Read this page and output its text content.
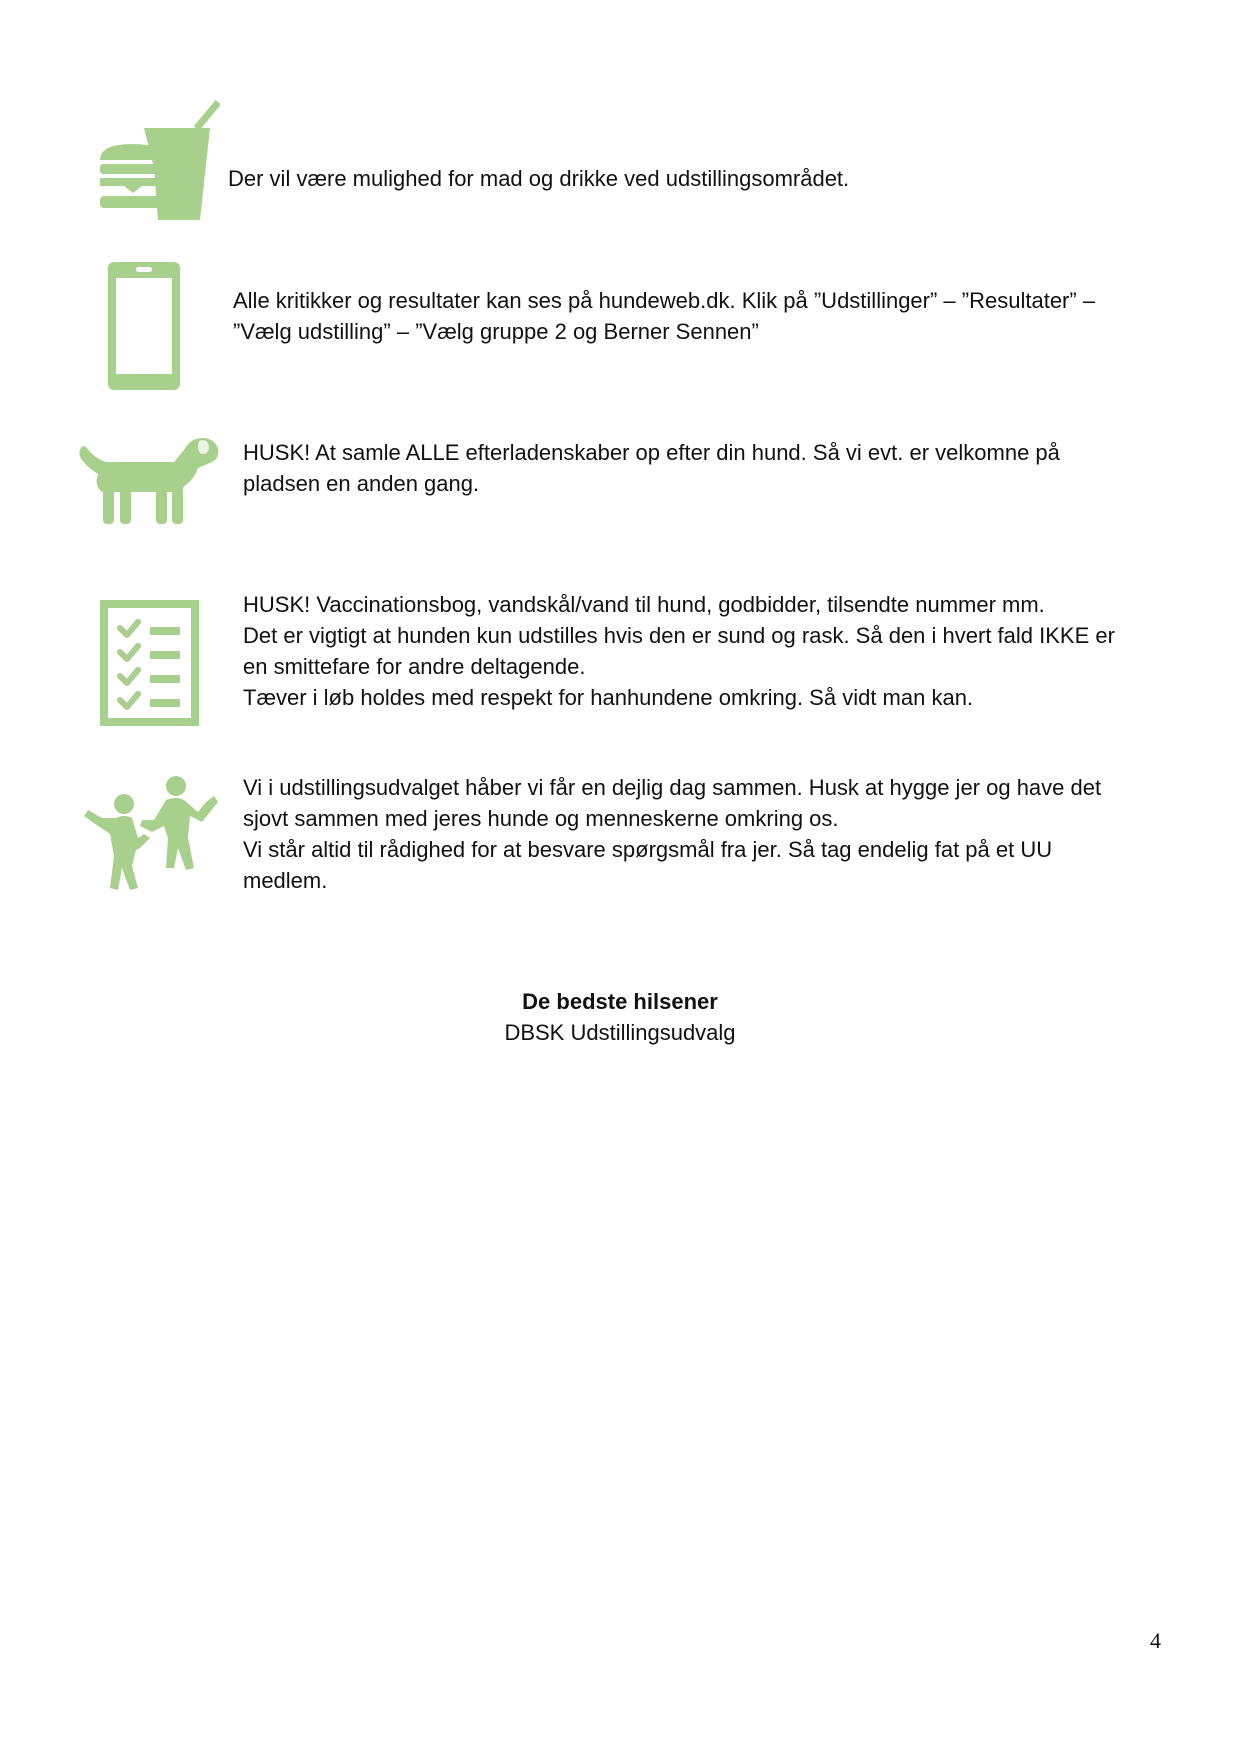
Der vil være mulighed for mad og drikke ved udstillingsområdet.

Alle kritikker og resultater kan ses på hundeweb.dk. Klik på ”Udstillinger” – ”Resultater” –
”Vælg udstilling” – ”Vælg gruppe 2 og Berner Sennen”

HUSK! At samle ALLE efterladenskaber op efter din hund. Så vi evt. er velkomne på
pladsen en anden gang.

HUSK! Vaccinationsbog, vandskål/vand til hund, godbidder, tilsendte nummer mm.
Det er vigtigt at hunden kun udstilles hvis den er sund og rask. Så den i hvert fald IKKE er
en smittefare for andre deltagende.
Tæver i løb holdes med respekt for hanhundene omkring. Så vidt man kan.

Vi i udstillingsudvalget håber vi får en dejlig dag sammen. Husk at hygge jer og have det
sjovt sammen med jeres hunde og menneskerne omkring os.
Vi står altid til rådighed for at besvare spørgsmål fra jer. Så tag endelig fat på et UU
medlem.

De bedste hilsener
DBSK Udstillingsudvalg
4
